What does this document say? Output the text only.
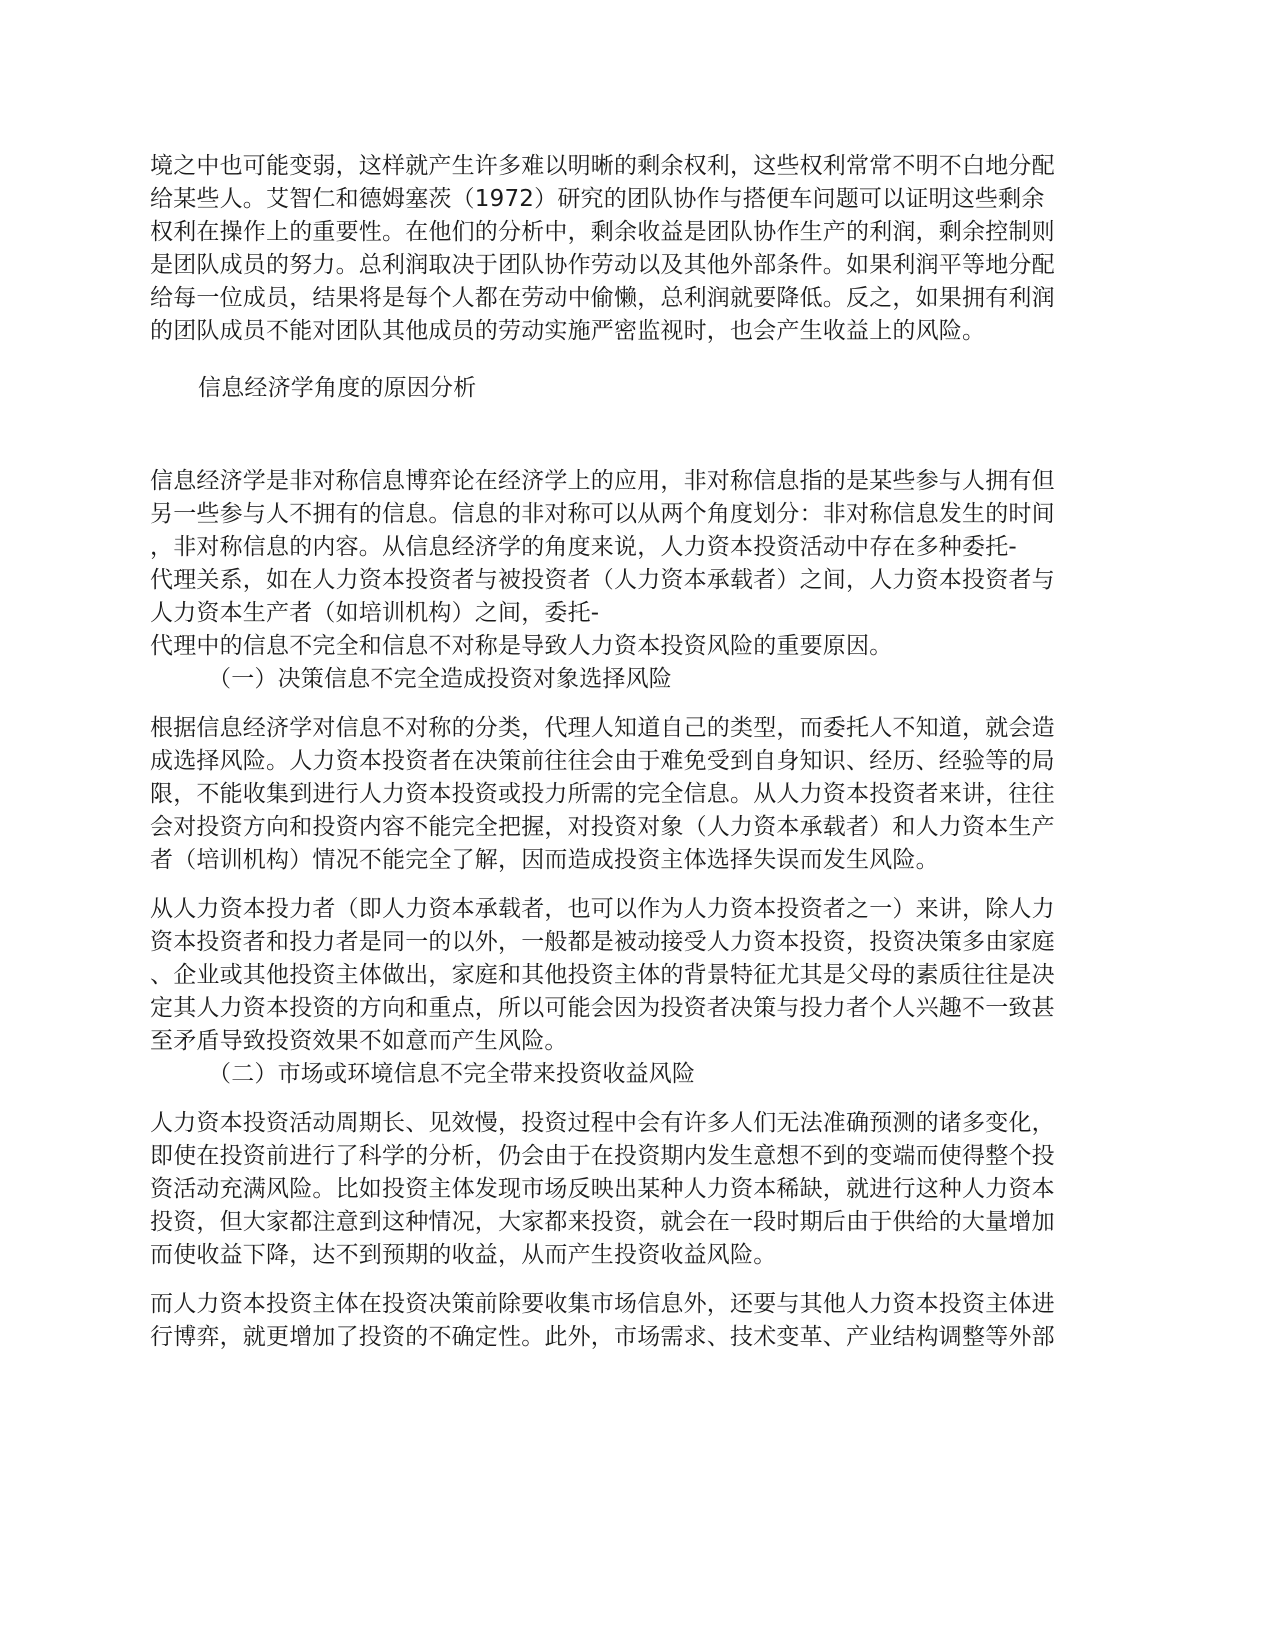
境之中也可能变弱，这样就产生许多难以明晰的剩余权利，这些权利常常不明不白地分配
给某些人。艾智仁和德姆塞茨（1972）研究的团队协作与搭便车问题可以证明这些剩余
权利在操作上的重要性。在他们的分析中，剩余收益是团队协作生产的利润，剩余控制则
是团队成员的努力。总利润取决于团队协作劳动以及其他外部条件。如果利润平等地分配
给每一位成员，结果将是每个人都在劳动中偷懒，总利润就要降低。反之，如果拥有利润
的团队成员不能对团队其他成员的劳动实施严密监视时，也会产生收益上的风险。
信息经济学角度的原因分析
信息经济学是非对称信息博弈论在经济学上的应用，非对称信息指的是某些参与人拥有但
另一些参与人不拥有的信息。信息的非对称可以从两个角度划分：非对称信息发生的时间
，非对称信息的内容。从信息经济学的角度来说，人力资本投资活动中存在多种委托-
代理关系，如在人力资本投资者与被投资者（人力资本承载者）之间，人力资本投资者与
人力资本生产者（如培训机构）之间，委托-
代理中的信息不完全和信息不对称是导致人力资本投资风险的重要原因。
（一）决策信息不完全造成投资对象选择风险
根据信息经济学对信息不对称的分类，代理人知道自己的类型，而委托人不知道，就会造
成选择风险。人力资本投资者在决策前往往会由于难免受到自身知识、经历、经验等的局
限，不能收集到进行人力资本投资或投力所需的完全信息。从人力资本投资者来讲，往往
会对投资方向和投资内容不能完全把握，对投资对象（人力资本承载者）和人力资本生产
者（培训机构）情况不能完全了解，因而造成投资主体选择失误而发生风险。
从人力资本投力者（即人力资本承载者，也可以作为人力资本投资者之一）来讲，除人力
资本投资者和投力者是同一的以外，一般都是被动接受人力资本投资，投资决策多由家庭
、企业或其他投资主体做出，家庭和其他投资主体的背景特征尤其是父母的素质往往是决
定其人力资本投资的方向和重点，所以可能会因为投资者决策与投力者个人兴趣不一致甚
至矛盾导致投资效果不如意而产生风险。
（二）市场或环境信息不完全带来投资收益风险
人力资本投资活动周期长、见效慢，投资过程中会有许多人们无法准确预测的诸多变化，
即使在投资前进行了科学的分析，仍会由于在投资期内发生意想不到的变端而使得整个投
资活动充满风险。比如投资主体发现市场反映出某种人力资本稀缺，就进行这种人力资本
投资，但大家都注意到这种情况，大家都来投资，就会在一段时期后由于供给的大量增加
而使收益下降，达不到预期的收益，从而产生投资收益风险。
而人力资本投资主体在投资决策前除要收集市场信息外，还要与其他人力资本投资主体进
行博弈，就更增加了投资的不确定性。此外，市场需求、技术变革、产业结构调整等外部
